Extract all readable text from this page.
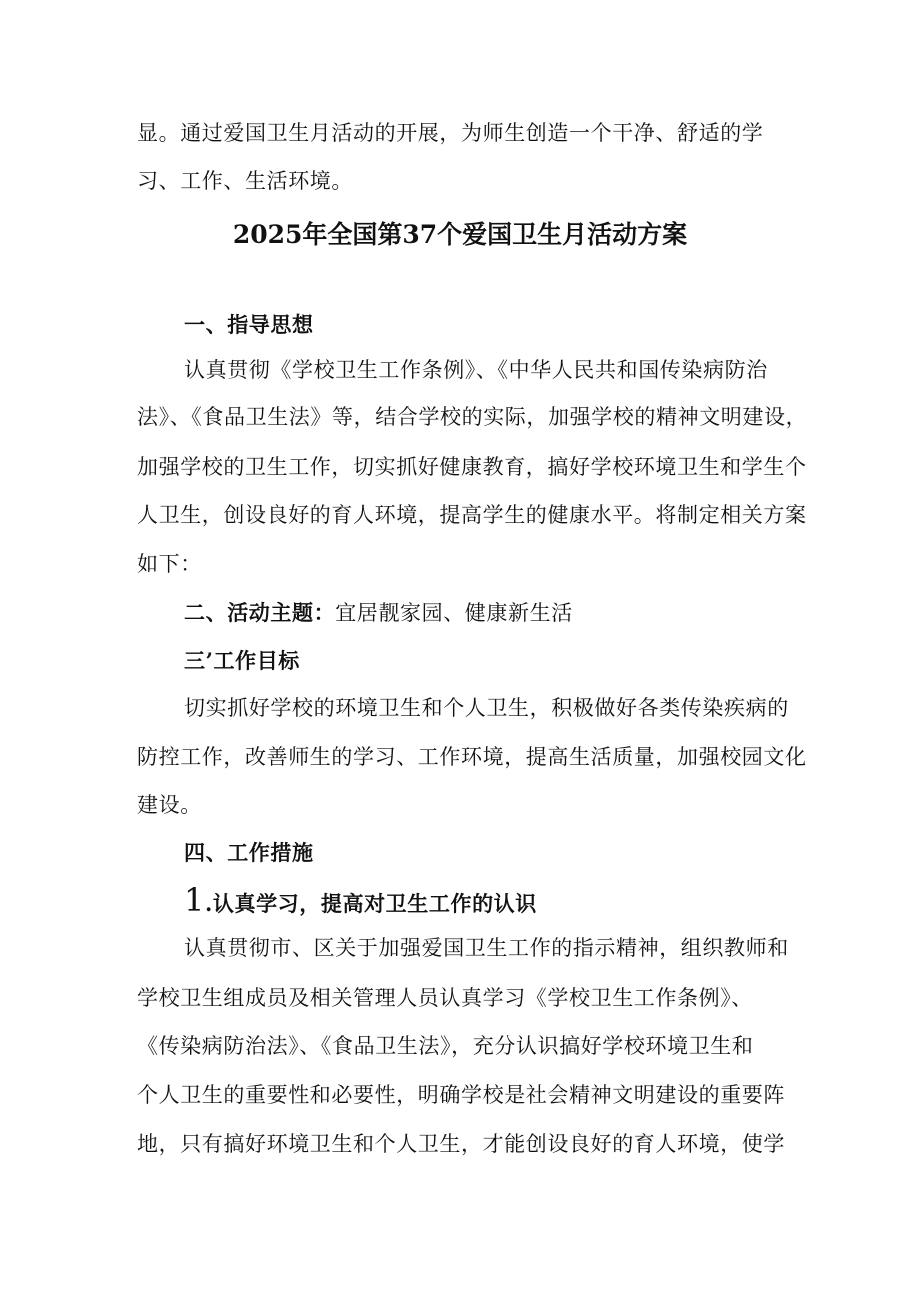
显。通过爱国卫生月活动的开展，为师生创造一个干净、舒适的学
习、工作、生活环境。
2025年全国第37个爱国卫生月活动方案
一、指导思想
认真贯彻《学校卫生工作条例》、《中华人民共和国传染病防治
法》、《食品卫生法》等，结合学校的实际，加强学校的精神文明建设，
加强学校的卫生工作，切实抓好健康教育，搞好学校环境卫生和学生个
人卫生，创设良好的育人环境，提高学生的健康水平。将制定相关方案
如下：
二、活动主题：宜居靓家园、健康新生活
三’工作目标
切实抓好学校的环境卫生和个人卫生，积极做好各类传染疾病的
防控工作，改善师生的学习、工作环境，提高生活质量，加强校园文化
建设。
四、工作措施
1.认真学习，提高对卫生工作的认识
认真贯彻市、区关于加强爱国卫生工作的指示精神，组织教师和
学校卫生组成员及相关管理人员认真学习《学校卫生工作条例》、
《传染病防治法》、《食品卫生法》，充分认识搞好学校环境卫生和
个人卫生的重要性和必要性，明确学校是社会精神文明建设的重要阵
地，只有搞好环境卫生和个人卫生，才能创设良好的育人环境，使学
